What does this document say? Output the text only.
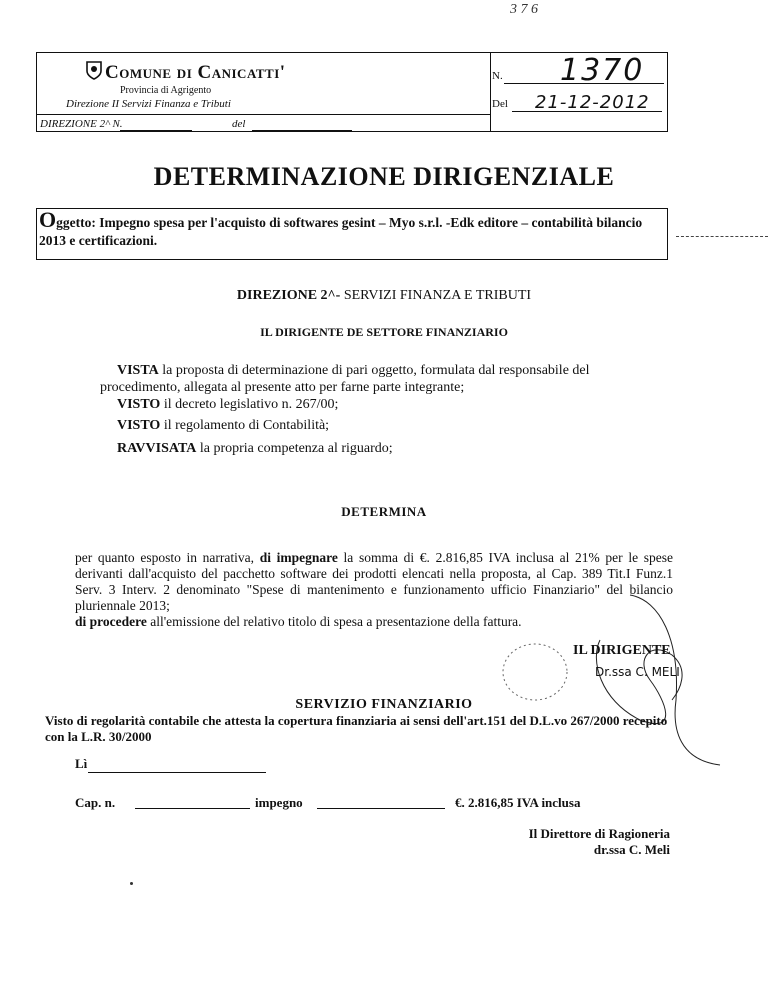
3 7 6
Comune di Canicatti'
Provincia di Agrigento
Direzione II Servizi Finanza e Tributi
DIREZIONE 2^ N.	del
N. 1370
Del 21-12-2012
DETERMINAZIONE DIRIGENZIALE
Oggetto: Impegno spesa per l'acquisto di softwares gesint – Myo s.r.l. -Edk editore – contabilità bilancio 2013 e certificazioni.
DIREZIONE 2^- SERVIZI FINANZA E TRIBUTI
IL DIRIGENTE DE SETTORE FINANZIARIO
VISTA la proposta di determinazione di pari oggetto, formulata dal responsabile del
procedimento, allegata al presente atto per farne parte integrante;
VISTO il decreto legislativo n. 267/00;
VISTO il regolamento di Contabilità;
RAVVISATA la propria competenza al riguardo;
DETERMINA
per quanto esposto in narrativa, di impegnare la somma di €. 2.816,85 IVA inclusa al 21% per le spese derivanti dall'acquisto del pacchetto software dei prodotti elencati nella proposta, al Cap. 389 Tit.I Funz.1 Serv. 3 Interv. 2 denominato "Spese di mantenimento e funzionamento ufficio Finanziario" del bilancio pluriennale 2013;
di procedere all'emissione del relativo titolo di spesa a presentazione della fattura.
IL DIRIGENTE
Dr.ssa C. MELI
SERVIZIO FINANZIARIO
Visto di regolarità contabile che attesta la copertura finanziaria ai sensi dell'art.151 del D.L.vo 267/2000 recepito con la L.R. 30/2000
Lì
Cap. n.	impegno	€. 2.816,85 IVA inclusa
Il Direttore di Ragioneria
dr.ssa C. Meli
